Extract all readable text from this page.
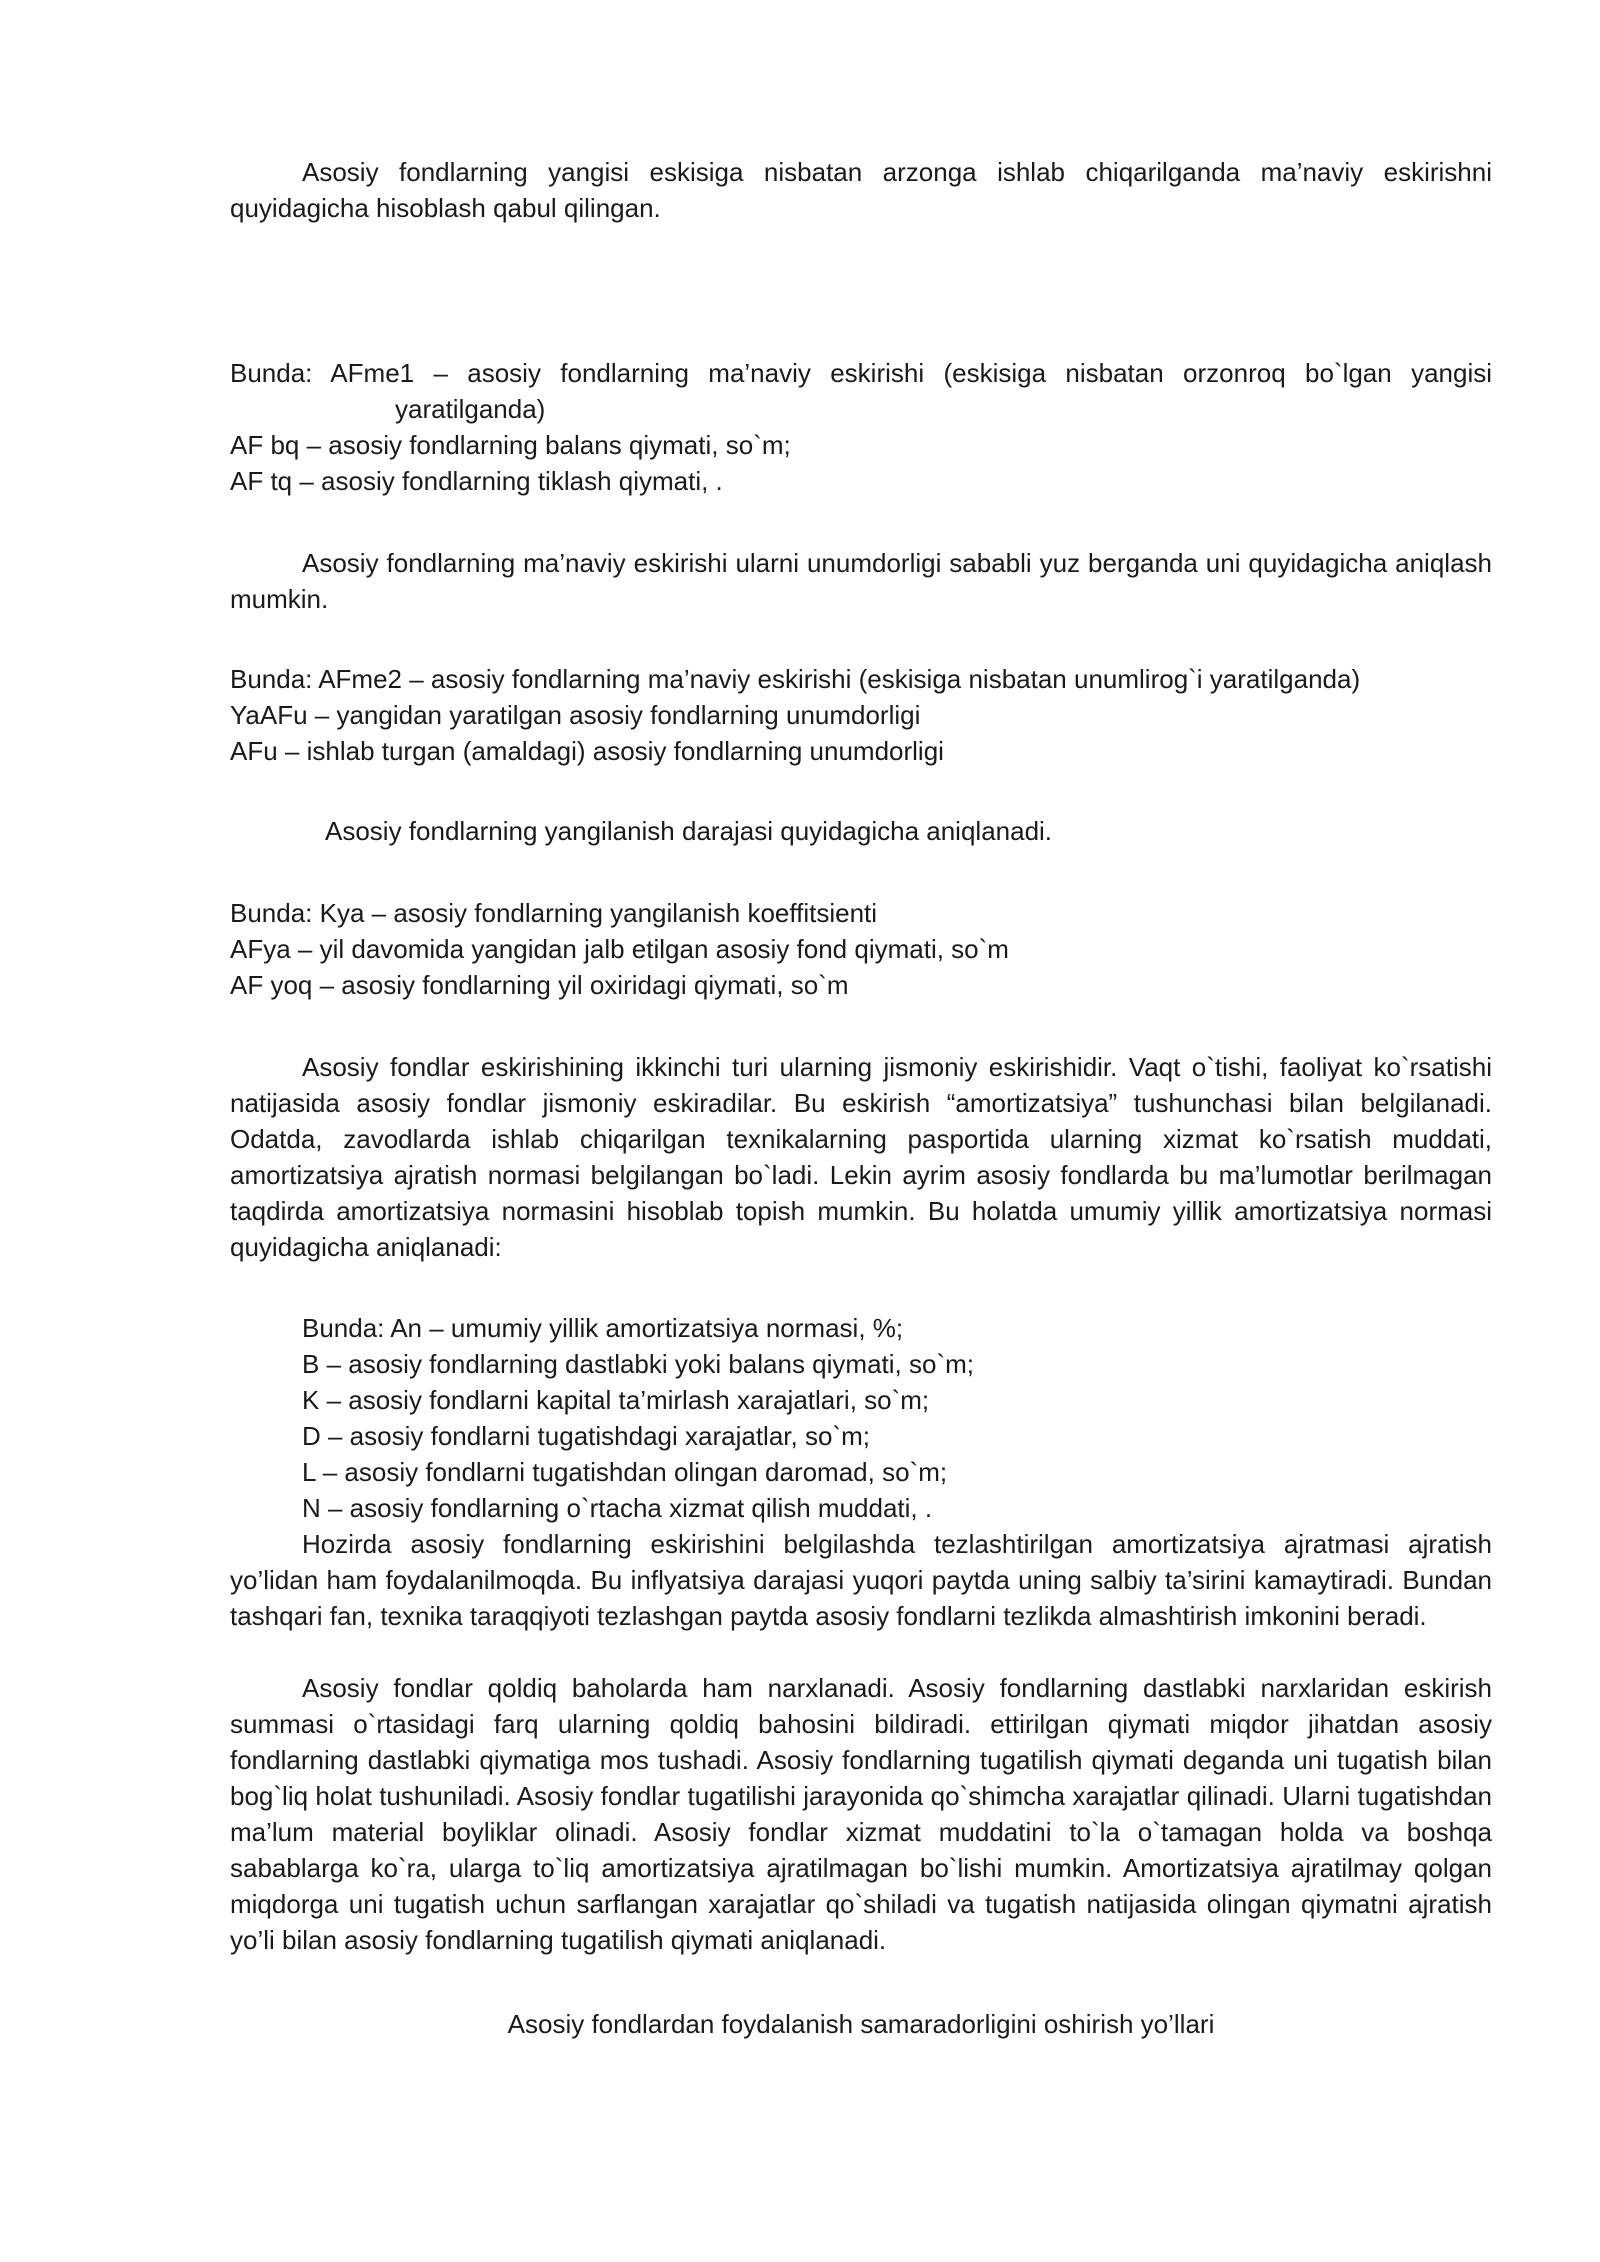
Asosiy fondlarning yangisi eskisiga nisbatan arzonga ishlab chiqarilganda ma’naviy eskirishni quyidagicha hisoblash qabul qilingan.

Bunda: AFme1 – asosiy fondlarning ma’naviy eskirishi (eskisiga nisbatan orzonroq bo`lgan yangisi yaratilganda)
AF bq – asosiy fondlarning balans qiymati, so`m;
AF tq – asosiy fondlarning tiklash qiymati, .

Asosiy fondlarning ma’naviy eskirishi ularni unumdorligi sababli yuz berganda uni quyidagicha aniqlash mumkin.

Bunda: AFme2 – asosiy fondlarning ma’naviy eskirishi (eskisiga nisbatan unumlirog`i yaratilganda)
YaAFu – yangidan yaratilgan asosiy fondlarning unumdorligi
AFu – ishlab turgan (amaldagi) asosiy fondlarning unumdorligi
Asosiy fondlarning yangilanish darajasi quyidagicha aniqlanadi.
Bunda: Kya – asosiy fondlarning yangilanish koeffitsienti
AFya – yil davomida yangidan jalb etilgan asosiy fond qiymati, so`m
AF yoq – asosiy fondlarning yil oxiridagi qiymati, so`m

Asosiy fondlar eskirishining ikkinchi turi ularning jismoniy eskirishidir. Vaqt o`tishi, faoliyat ko`rsatishi natijasida asosiy fondlar jismoniy eskiradilar. Bu eskirish “amortizatsiya” tushunchasi bilan belgilanadi. Odatda, zavodlarda ishlab chiqarilgan texnikalarning pasportida ularning xizmat ko`rsatish muddati, amortizatsiya ajratish normasi belgilangan bo`ladi. Lekin ayrim asosiy fondlarda bu ma’lumotlar berilmagan taqdirda amortizatsiya normasini hisoblab topish mumkin. Bu holatda umumiy yillik amortizatsiya normasi quyidagicha aniqlanadi:

Bunda: An – umumiy yillik amortizatsiya normasi, %;
B – asosiy fondlarning dastlabki yoki balans qiymati, so`m;
K – asosiy fondlarni kapital ta’mirlash xarajatlari, so`m;
D – asosiy fondlarni tugatishdagi xarajatlar, so`m;
L – asosiy fondlarni tugatishdan olingan daromad, so`m;
N – asosiy fondlarning o`rtacha xizmat qilish muddati, .

Hozirda asosiy fondlarning eskirishini belgilashda tezlashtirilgan amortizatsiya ajratmasi ajratish yo’lidan ham foydalanilmoqda. Bu inflyatsiya darajasi yuqori paytda uning salbiy ta’sirini kamaytiradi. Bundan tashqari fan, texnika taraqqiyoti tezlashgan paytda asosiy fondlarni tezlikda almashtirish imkonini beradi.

Asosiy fondlar qoldiq baholarda ham narxlanadi. Asosiy fondlarning dastlabki narxlaridan eskirish summasi o`rtasidagi farq ularning qoldiq bahosini bildiradi. ettirilgan qiymati miqdor jihatdan asosiy fondlarning dastlabki qiymatiga mos tushadi. Asosiy fondlarning tugatilish qiymati deganda uni tugatish bilan bog`liq holat tushuniladi. Asosiy fondlar tugatilishi jarayonida qo`shimcha xarajatlar qilinadi. Ularni tugatishdan ma’lum material boyliklar olinadi. Asosiy fondlar xizmat muddatini to`la o`tamagan holda va boshqa sabablarga ko`ra, ularga to`liq amortizatsiya ajratilmagan bo`lishi mumkin. Amortizatsiya ajratilmay qolgan miqdorga uni tugatish uchun sarflangan xarajatlar qo`shiladi va tugatish natijasida olingan qiymatni ajratish yo’li bilan asosiy fondlarning tugatilish qiymati aniqlanadi.

Asosiy fondlardan foydalanish samaradorligini oshirish yo’llari
